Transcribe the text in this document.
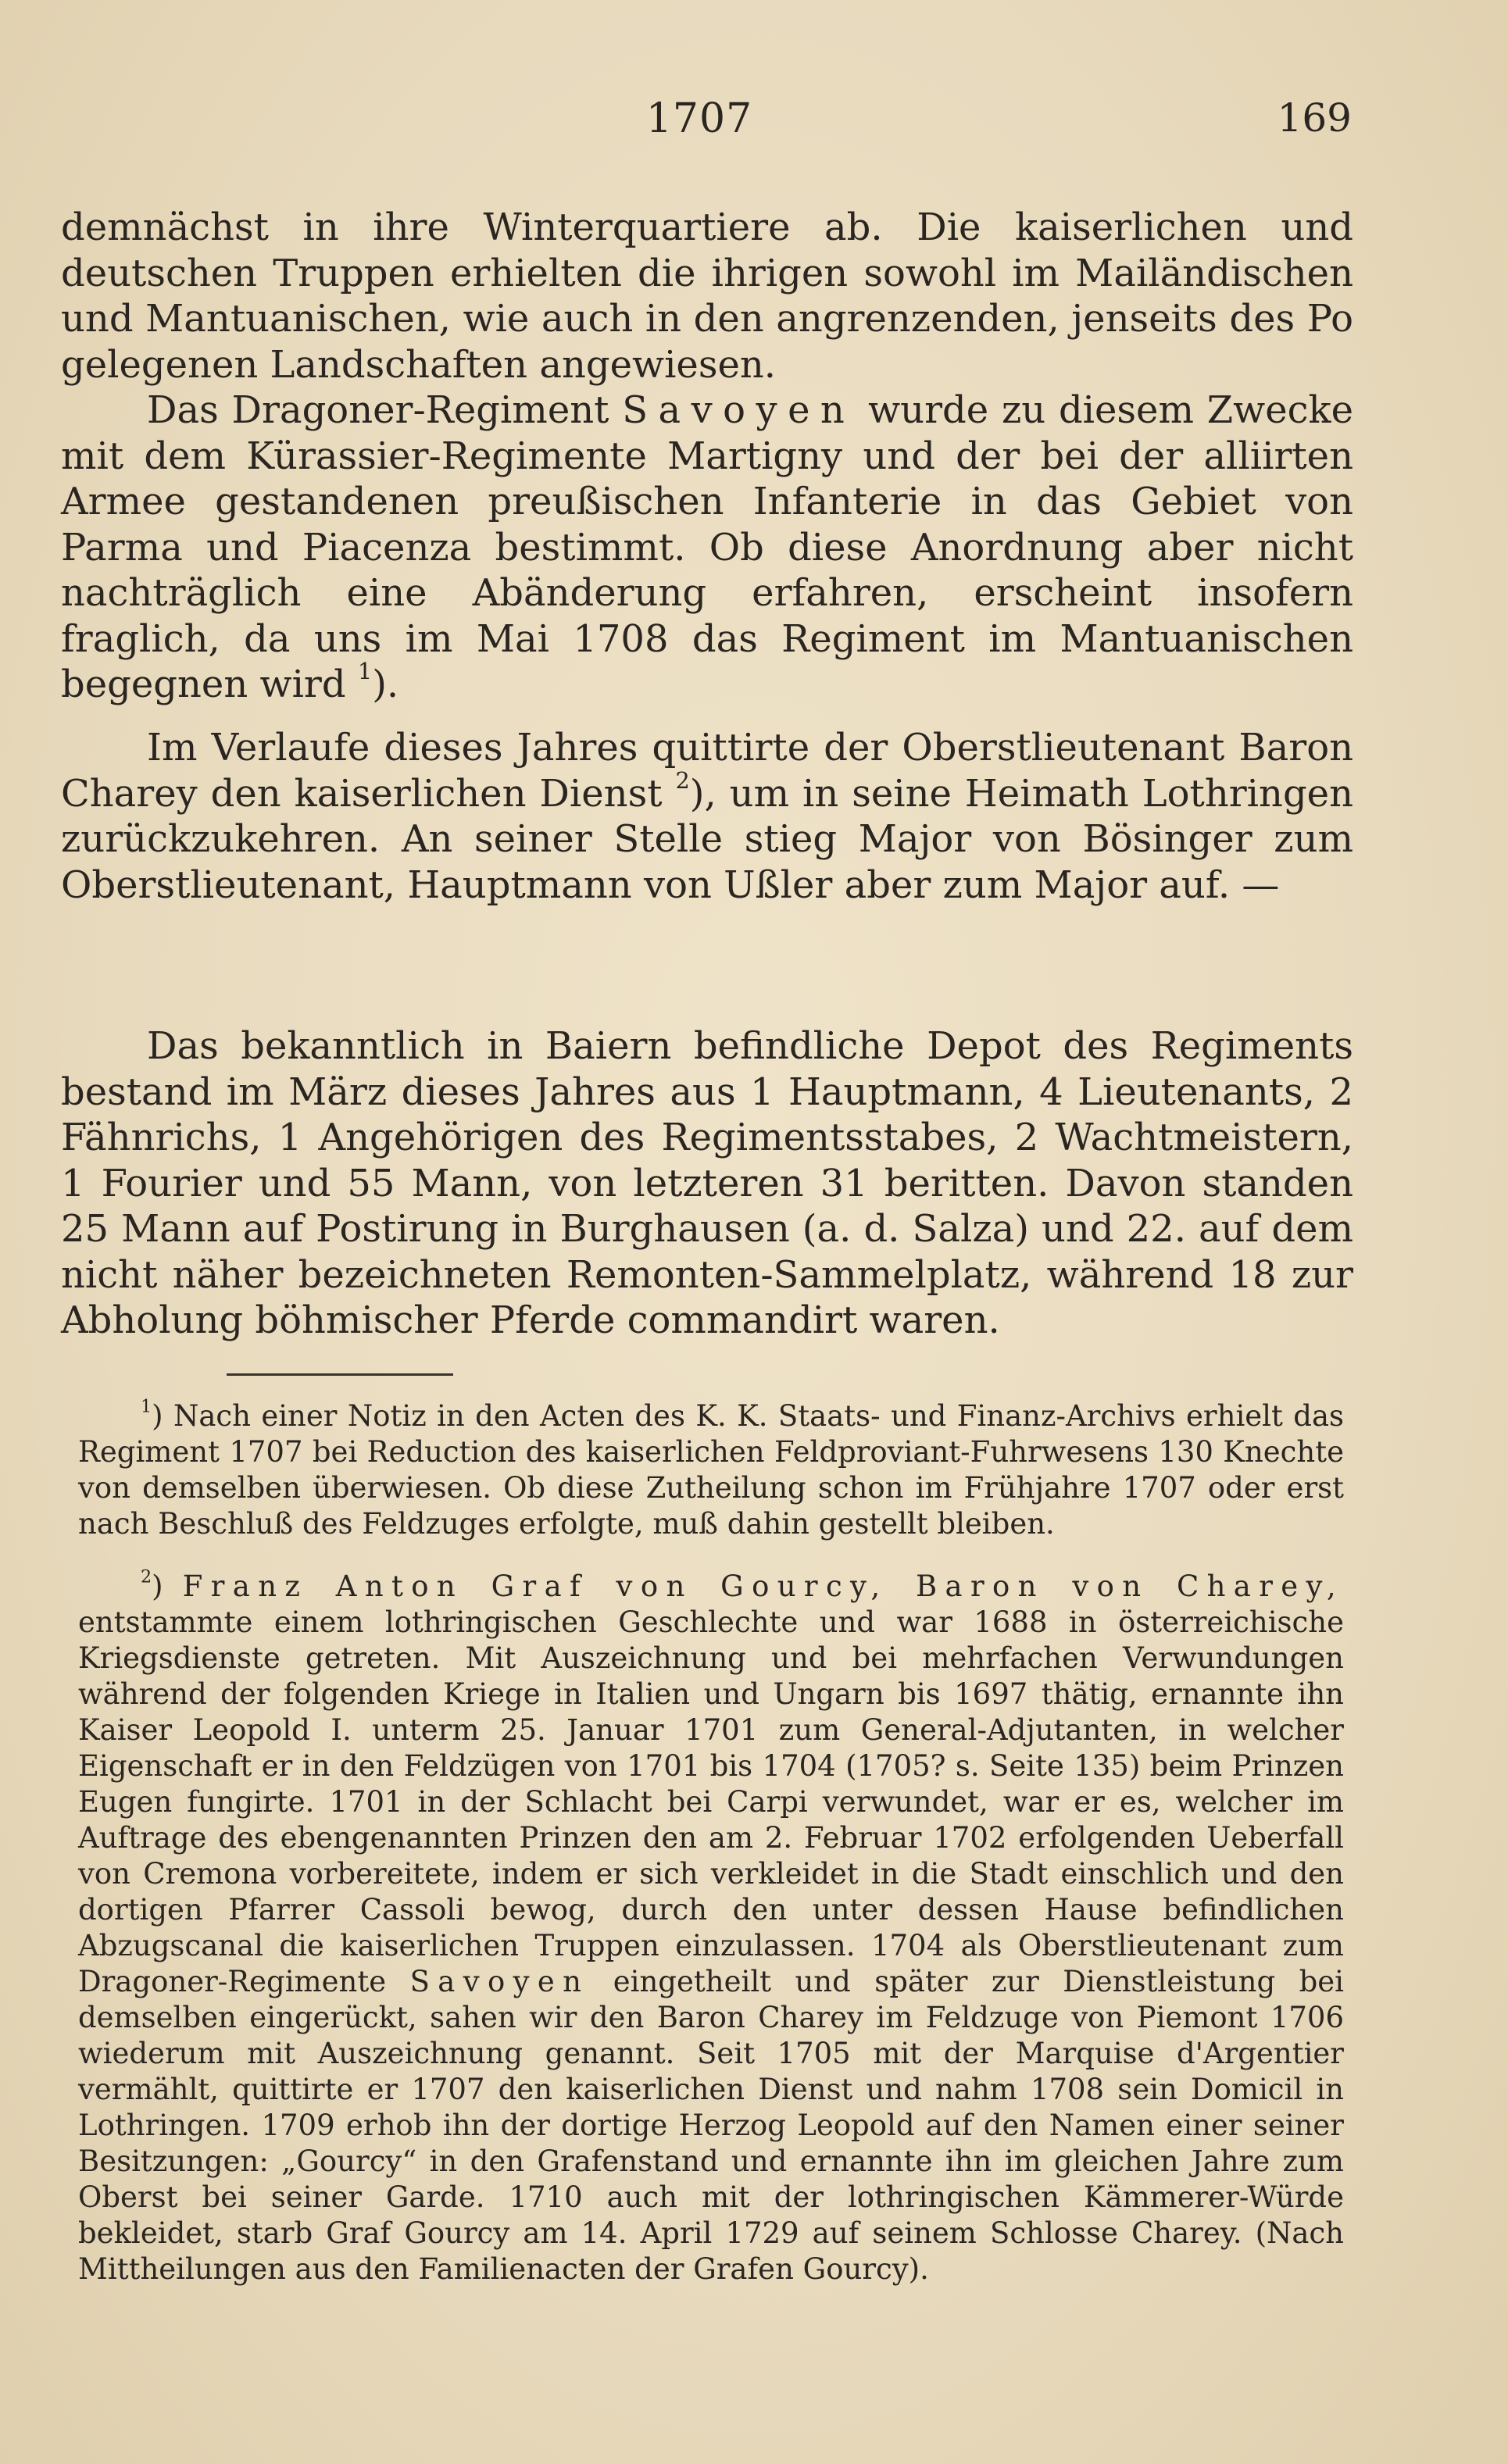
1707	169

demnächst in ihre Winterquartiere ab. Die kaiserlichen und deutschen Truppen erhielten die ihrigen sowohl im Mailändischen und Mantuanischen, wie auch in den angrenzenden, jenseits des Po gelegenen Landschaften angewiesen.

Das Dragoner-Regiment Savoyen wurde zu diesem Zwecke mit dem Kürassier-Regimente Martigny und der bei der alliirten Armee gestandenen preußischen Infanterie in das Gebiet von Parma und Piacenza bestimmt. Ob diese Anordnung aber nicht nachträglich eine Abänderung erfahren, erscheint insofern fraglich, da uns im Mai 1708 das Regiment im Mantuanischen begegnen wird $^1$).

Im Verlaufe dieses Jahres quittirte der Oberstlieutenant Baron Charey den kaiserlichen Dienst $^2$), um in seine Heimath Lothringen zurückzukehren. An seiner Stelle stieg Major von Bösinger zum Oberstlieutenant, Hauptmann von Ußler aber zum Major auf. —

Das bekanntlich in Baiern befindliche Depot des Regiments bestand im März dieses Jahres aus 1 Hauptmann, 4 Lieutenants, 2 Fähnrichs, 1 Angehörigen des Regimentsstabes, 2 Wachtmeistern, 1 Fourier und 55 Mann, von letzteren 31 beritten. Davon standen 25 Mann auf Postirung in Burghausen (a. d. Salza) und 22. auf dem nicht näher bezeichneten Remonten-Sammelplatz, während 18 zur Abholung böhmischer Pferde commandirt waren.

$^1$) Nach einer Notiz in den Acten des K. K. Staats- und Finanz-Archivs erhielt das Regiment 1707 bei Reduction des kaiserlichen Feldproviant-Fuhrwesens 130 Knechte von demselben überwiesen. Ob diese Zutheilung schon im Frühjahre 1707 oder erst nach Beschluß des Feldzuges erfolgte, muß dahin gestellt bleiben.

$^2$) Franz Anton Graf von Gourcy, Baron von Charey, entstammte einem lothringischen Geschlechte und war 1688 in österreichische Kriegsdienste getreten. Mit Auszeichnung und bei mehrfachen Verwundungen während der folgenden Kriege in Italien und Ungarn bis 1697 thätig, ernannte ihn Kaiser Leopold I. unterm 25. Januar 1701 zum General-Adjutanten, in welcher Eigenschaft er in den Feldzügen von 1701 bis 1704 (1705? s. Seite 135) beim Prinzen Eugen fungirte. 1701 in der Schlacht bei Carpi verwundet, war er es, welcher im Auftrage des ebengenannten Prinzen den am 2. Februar 1702 erfolgenden Ueberfall von Cremona vorbereitete, indem er sich verkleidet in die Stadt einschlich und den dortigen Pfarrer Cassoli bewog, durch den unter dessen Hause befindlichen Abzugscanal die kaiserlichen Truppen einzulassen. 1704 als Oberstlieutenant zum Dragoner-Regimente Savoyen eingetheilt und später zur Dienstleistung bei demselben eingerückt, sahen wir den Baron Charey im Feldzuge von Piemont 1706 wiederum mit Auszeichnung genannt. Seit 1705 mit der Marquise d'Argentier vermählt, quittirte er 1707 den kaiserlichen Dienst und nahm 1708 sein Domicil in Lothringen. 1709 erhob ihn der dortige Herzog Leopold auf den Namen einer seiner Besitzungen: „Gourcy“ in den Grafenstand und ernannte ihn im gleichen Jahre zum Oberst bei seiner Garde. 1710 auch mit der lothringischen Kämmerer-Würde bekleidet, starb Graf Gourcy am 14. April 1729 auf seinem Schlosse Charey. (Nach Mittheilungen aus den Familienacten der Grafen Gourcy).
